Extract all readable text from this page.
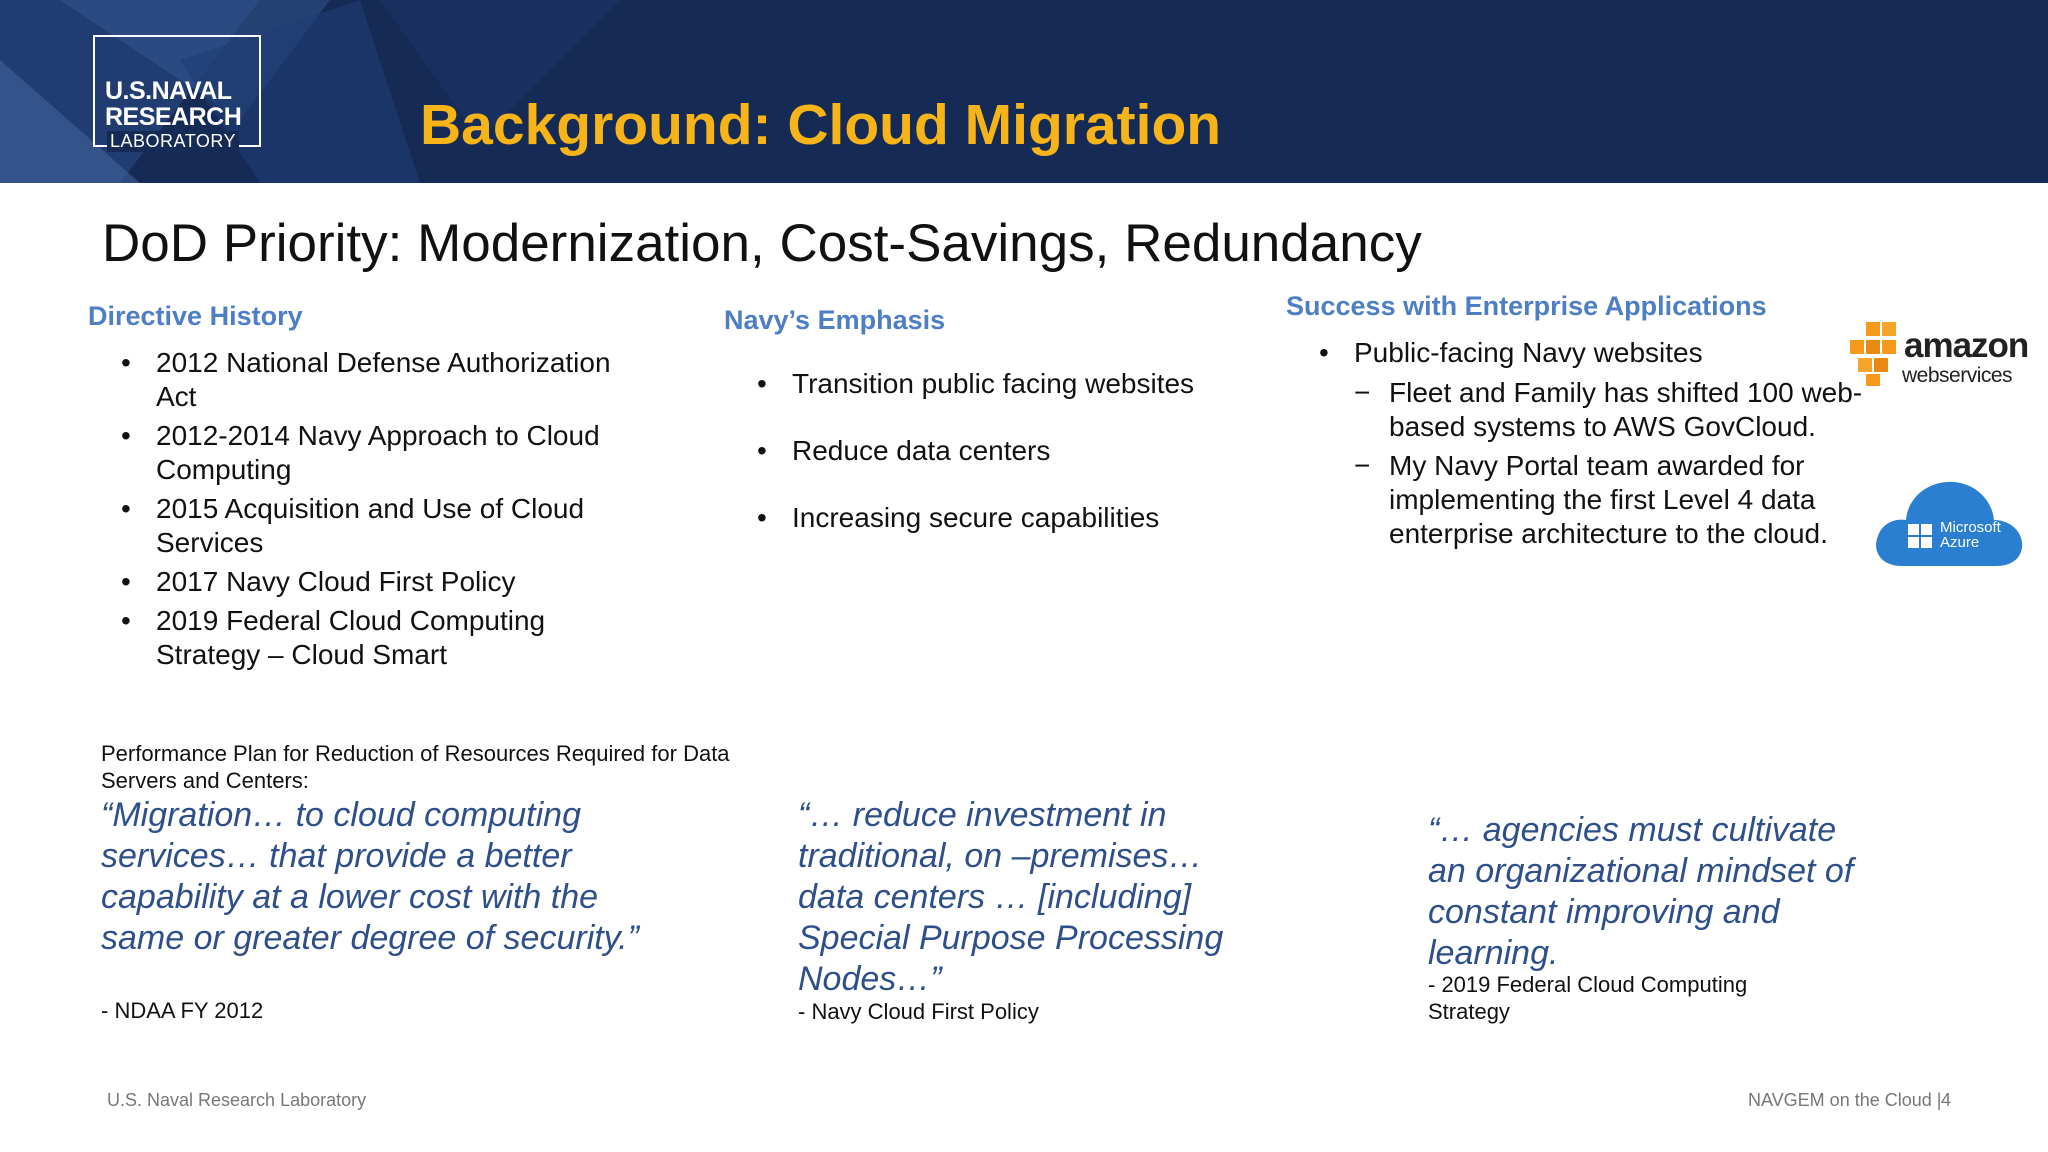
U.S.NAVAL
RESEARCH
LABORATORY	Background: Cloud Migration
DoD Priority: Modernization, Cost-Savings, Redundancy
Directive History
• 2012 National Defense Authorization Act
• 2012-2014 Navy Approach to Cloud Computing
• 2015 Acquisition and Use of Cloud Services
• 2017 Navy Cloud First Policy
• 2019 Federal Cloud Computing Strategy – Cloud Smart
Navy’s Emphasis
• Transition public facing websites
• Reduce data centers
• Increasing secure capabilities
Success with Enterprise Applications
• Public-facing Navy websites
− Fleet and Family has shifted 100 web-based systems to AWS GovCloud.
− My Navy Portal team awarded for implementing the first Level 4 data enterprise architecture to the cloud.
amazon
webservices
Microsoft
Azure
Performance Plan for Reduction of Resources Required for Data Servers and Centers:
“Migration… to cloud computing services… that provide a better capability at a lower cost with the same or greater degree of security.”
- NDAA FY 2012
“… reduce investment in traditional, on –premises… data centers … [including] Special Purpose Processing Nodes…”
- Navy Cloud First Policy
“… agencies must cultivate an organizational mindset of constant improving and learning.
- 2019 Federal Cloud Computing Strategy
U.S. Naval Research Laboratory	NAVGEM on the Cloud | 4
